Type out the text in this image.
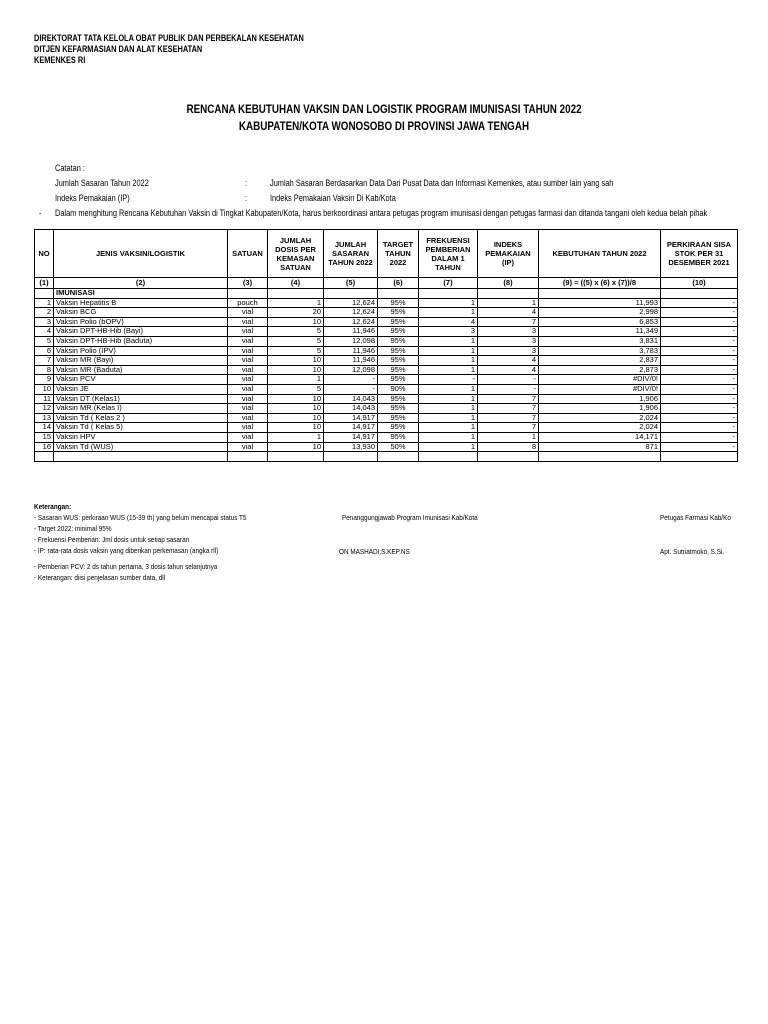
DIREKTORAT TATA KELOLA OBAT PUBLIK DAN PERBEKALAN KESEHATAN
DITJEN KEFARMASIAN DAN ALAT KESEHATAN
KEMENKES RI
RENCANA KEBUTUHAN VAKSIN DAN LOGISTIK PROGRAM IMUNISASI TAHUN 2022
KABUPATEN/KOTA WONOSOBO DI PROVINSI JAWA TENGAH
Catatan :
Jumlah Sasaran Tahun 2022	:	Jumlah Sasaran Berdasarkan Data Dari Pusat Data dan Informasi Kemenkes, atau sumber lain yang sah
Indeks Pemakaian (IP)	:	Indeks Pemakaian Vaksin Di Kab/Kota
- Dalam menghitung Rencana Kebutuhan Vaksin di Tingkat Kabupaten/Kota, harus berkoordinasi antara petugas program imunisasi dengan petugas farmasi dan ditanda tangani oleh kedua belah pihak
NO	JENIS VAKSIN/LOGISTIK	SATUAN	JUMLAH DOSIS PER KEMASAN SATUAN	JUMLAH SASARAN TAHUN 2022	TARGET TAHUN 2022	FREKUENSI PEMBERIAN DALAM 1 TAHUN	INDEKS PEMAKAIAN (IP)	KEBUTUHAN TAHUN 2022	PERKIRAAN SISA STOK PER 31 DESEMBER 2021
(1)	(2)	(3)	(4)	(5)	(6)	(7)	(8)	(9) = ((5) x (6) x (7))/8	(10)
	IMUNISASI								
1	Vaksin Hepatitis B	pouch	1	12,624	95%	1	1	11,993	-
2	Vaksin BCG	vial	20	12,624	95%	1	4	2,998	-
3	Vaksin Polio (bOPV)	vial	10	12,624	95%	4	7	6,853	-
4	Vaksin DPT-HB-Hib (Bayi)	vial	5	11,946	95%	3	3	11,349	-
5	Vaksin DPT-HB-Hib (Baduta)	vial	5	12,098	95%	1	3	3,831	-
6	Vaksin Polio (IPV)	vial	5	11,946	95%	1	3	3,783	-
7	Vaksin MR (Bayi)	vial	10	11,946	95%	1	4	2,837	-
8	Vaksin MR (Baduta)	vial	10	12,098	95%	1	4	2,873	-
9	Vaksin PCV	vial	1	-	95%	-	-	#DIV/0!	-
10	Vaksin JE	vial	5	-	90%	1	-	#DIV/0!	-
11	Vaksin DT (Kelas1)	vial	10	14,043	95%	1	7	1,906	-
12	Vaksin MR (Kelas I)	vial	10	14,043	95%	1	7	1,906	-
13	Vaksin Td ( Kelas 2 )	vial	10	14,917	95%	1	7	2,024	-
14	Vaksin Td ( Kelas 5)	vial	10	14,917	95%	1	7	2,024	-
15	Vaksin HPV	vial	1	14,917	95%	1	1	14,171	-
16	Vaksin Td (WUS)	vial	10	13,930	50%	1	8	871	-

Keterangan:
- Sasaran WUS: perkiraan WUS (15-39 th) yang belum mencapai status T5
- Target 2022: minimal 95%
- Frekuensi Pemberian: Jml dosis untuk setiap sasaran
- IP: rata-rata dosis vaksin yang diberikan perkemasan (angka rll)
- Pemberian PCV: 2 ds tahun pertama, 3 dosis tahun selanjutnya
- Keterangan: diisi penjelasan sumber data, dll
Penanggungjawab Program Imunisasi Kab/Kota
ON MASHADI,S.KEP.NS
Petugas Farmasi Kab/Ko
Apt. Sutriatmoko, S.Si.
